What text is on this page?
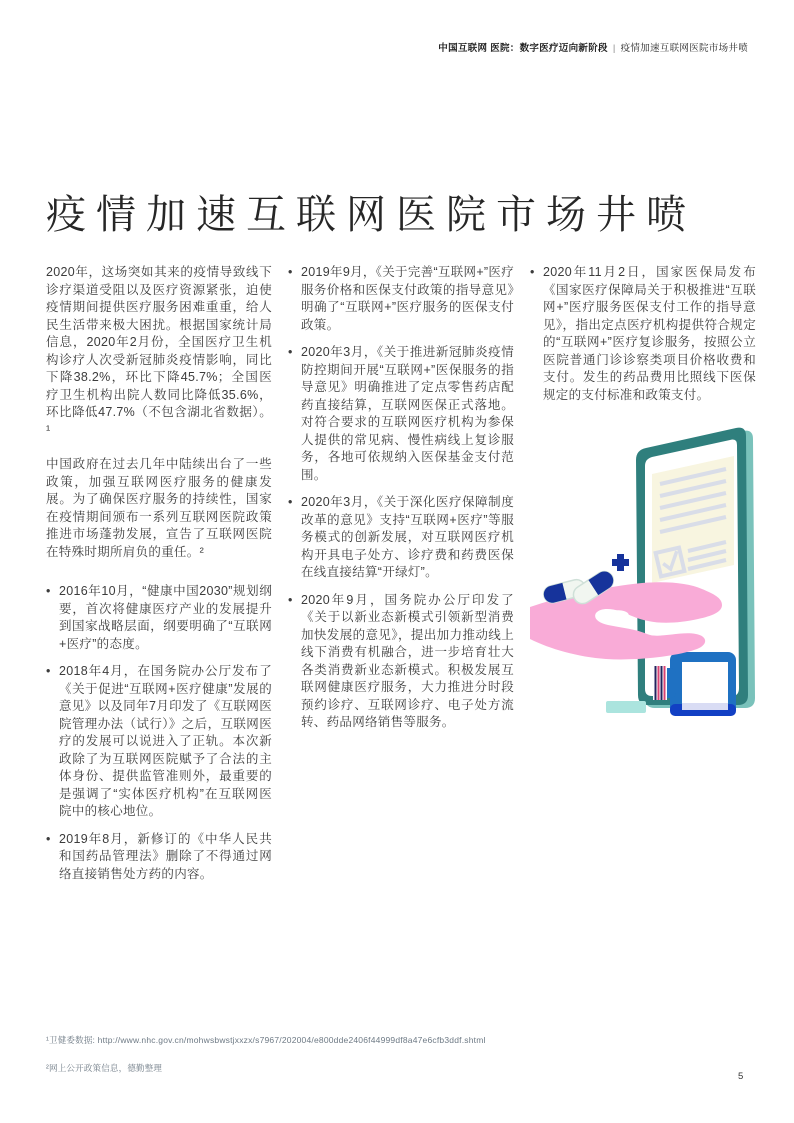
中国互联网 医院：数字医疗迈向新阶段 | 疫情加速互联网医院市场井喷
疫情加速互联网医院市场井喷

2020年，这场突如其来的疫情导致线下诊疗渠道受阻以及医疗资源紧张，迫使疫情期间提供医疗服务困难重重，给人民生活带来极大困扰。根据国家统计局信息，2020年2月份，全国医疗卫生机构诊疗人次受新冠肺炎疫情影响，同比下降38.2%，环比下降45.7%；全国医疗卫生机构出院人数同比降低35.6%，环比降低47.7%（不包含湖北省数据）。¹

中国政府在过去几年中陆续出台了一些政策，加强互联网医疗服务的健康发展。为了确保医疗服务的持续性，国家在疫情期间颁布一系列互联网医院政策推进市场蓬勃发展，宣告了互联网医院在特殊时期所肩负的重任。²

• 2016年10月，“健康中国2030”规划纲要，首次将健康医疗产业的发展提升到国家战略层面，纲要明确了“互联网+医疗”的态度。
• 2018年4月，在国务院办公厅发布了《关于促进“互联网+医疗健康”发展的意见》以及同年7月印发了《互联网医院管理办法（试行）》之后，互联网医疗的发展可以说进入了正轨。本次新政除了为互联网医院赋予了合法的主体身份、提供监管准则外，最重要的是强调了“实体医疗机构”在互联网医院中的核心地位。
• 2019年8月，新修订的《中华人民共和国药品管理法》删除了不得通过网络直接销售处方药的内容。
• 2019年9月，《关于完善“互联网+”医疗服务价格和医保支付政策的指导意见》明确了“互联网+”医疗服务的医保支付政策。
• 2020年3月，《关于推进新冠肺炎疫情防控期间开展“互联网+”医保服务的指导意见》明确推进了定点零售药店配药直接结算，互联网医保正式落地。对符合要求的互联网医疗机构为参保人提供的常见病、慢性病线上复诊服务，各地可依规纳入医保基金支付范围。
• 2020年3月，《关于深化医疗保障制度改革的意见》支持“互联网+医疗”等服务模式的创新发展，对互联网医疗机构开具电子处方、诊疗费和药费医保在线直接结算“开绿灯”。
• 2020年9月，国务院办公厅印发了《关于以新业态新模式引领新型消费加快发展的意见》，提出加力推动线上线下消费有机融合，进一步培育壮大各类消费新业态新模式。积极发展互联网健康医疗服务，大力推进分时段预约诊疗、互联网诊疗、电子处方流转、药品网络销售等服务。
• 2020年11月2日，国家医保局发布《国家医疗保障局关于积极推进“互联网+”医疗服务医保支付工作的指导意见》，指出定点医疗机构提供符合规定的“互联网+”医疗复诊服务，按照公立医院普通门诊诊察类项目价格收费和支付。发生的药品费用比照线下医保规定的支付标准和政策支付。
¹卫健委数据: http://www.nhc.gov.cn/mohwsbwstjxxzx/s7967/202004/e800dde2406f44999df8a47e6cfb3ddf.shtml
²网上公开政策信息，德勤整理
5
